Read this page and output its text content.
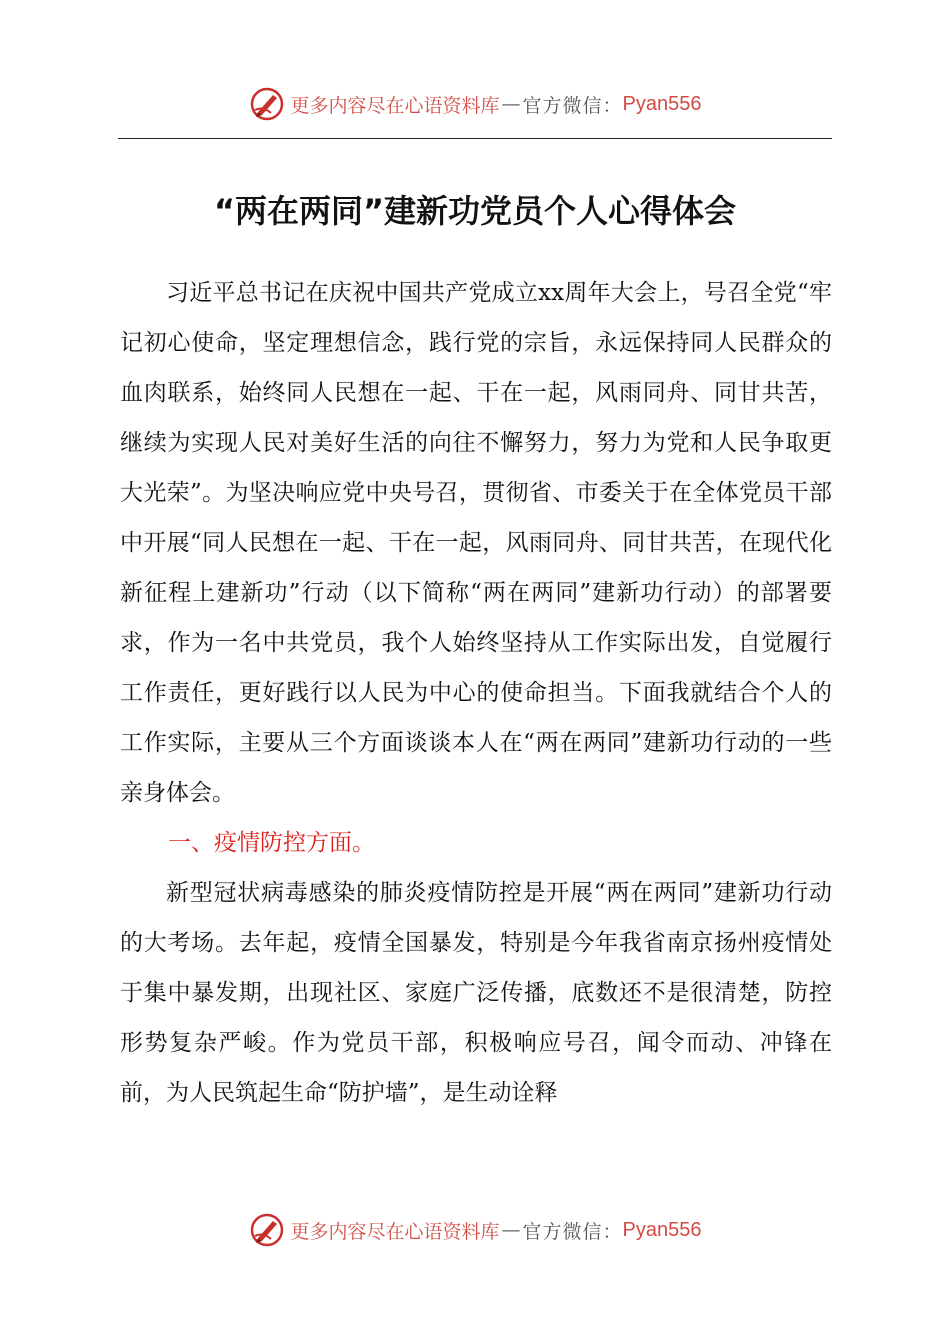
更多内容尽在心语资料库 — 官方微信： Pyan556
“两在两同”建新功党员个人心得体会

习近平总书记在庆祝中国共产党成立xx周年大会上，号召全党“牢记初心使命，坚定理想信念，践行党的宗旨，永远保持同人民群众的血肉联系，始终同人民想在一起、干在一起，风雨同舟、同甘共苦，继续为实现人民对美好生活的向往不懈努力，努力为党和人民争取更大光荣”。为坚决响应党中央号召，贯彻省、市委关于在全体党员干部中开展“同人民想在一起、干在一起，风雨同舟、同甘共苦，在现代化新征程上建新功”行动（以下简称“两在两同”建新功行动）的部署要求，作为一名中共党员，我个人始终坚持从工作实际出发，自觉履行工作责任，更好践行以人民为中心的使命担当。下面我就结合个人的工作实际，主要从三个方面谈谈本人在“两在两同”建新功行动的一些亲身体会。

一、疫情防控方面。

新型冠状病毒感染的肺炎疫情防控是开展“两在两同”建新功行动的大考场。去年起，疫情全国暴发，特别是今年我省南京扬州疫情处于集中暴发期，出现社区、家庭广泛传播，底数还不是很清楚，防控形势复杂严峻。作为党员干部，积极响应号召，闻令而动、冲锋在前，为人民筑起生命“防护墙”，是生动诠释

更多内容尽在心语资料库 — 官方微信： Pyan556
